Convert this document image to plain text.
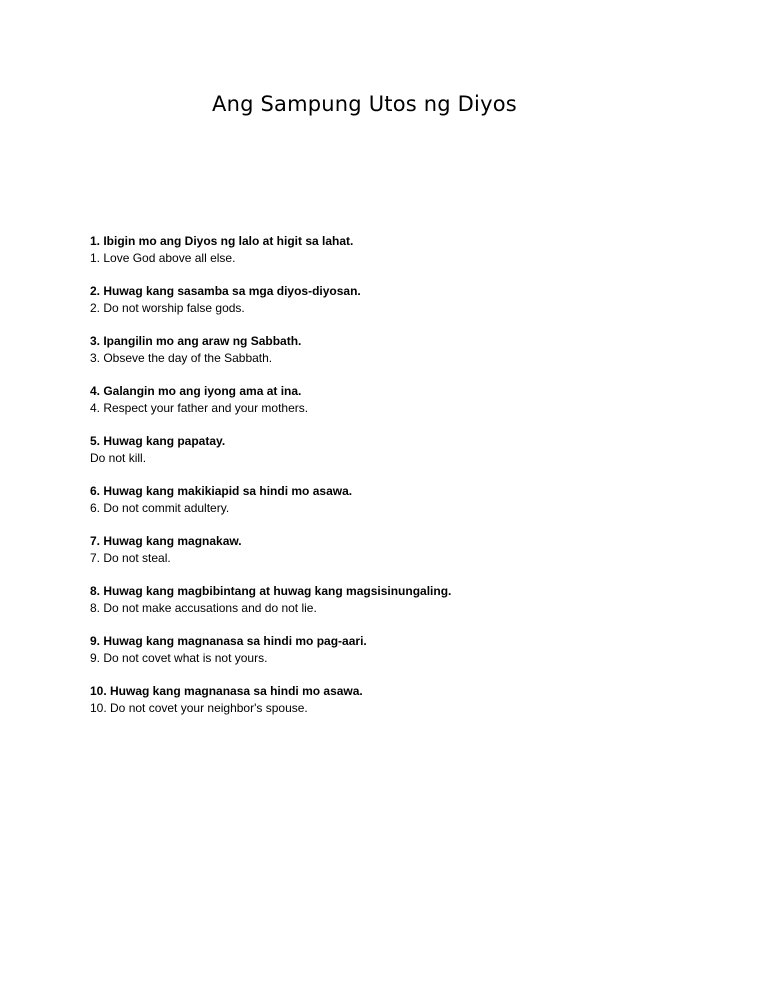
Ang Sampung Utos ng Diyos
1. Ibigin mo ang Diyos ng lalo at higit sa lahat.
1. Love God above all else.
2. Huwag kang sasamba sa mga diyos-diyosan.
2. Do not worship false gods.
3. Ipangilin mo ang araw ng Sabbath.
3. Obseve the day of the Sabbath.
4. Galangin mo ang iyong ama at ina.
4. Respect your father and your mothers.
5. Huwag kang papatay.
Do not kill.
6. Huwag kang makikiapid sa hindi mo asawa.
6. Do not commit adultery.
7. Huwag kang magnakaw.
7. Do not steal.
8. Huwag kang magbibintang at huwag kang magsisinungaling.
8. Do not make accusations and do not lie.
9. Huwag kang magnanasa sa hindi mo pag-aari.
9. Do not covet what is not yours.
10. Huwag kang magnanasa sa hindi mo asawa.
10. Do not covet your neighbor's spouse.
